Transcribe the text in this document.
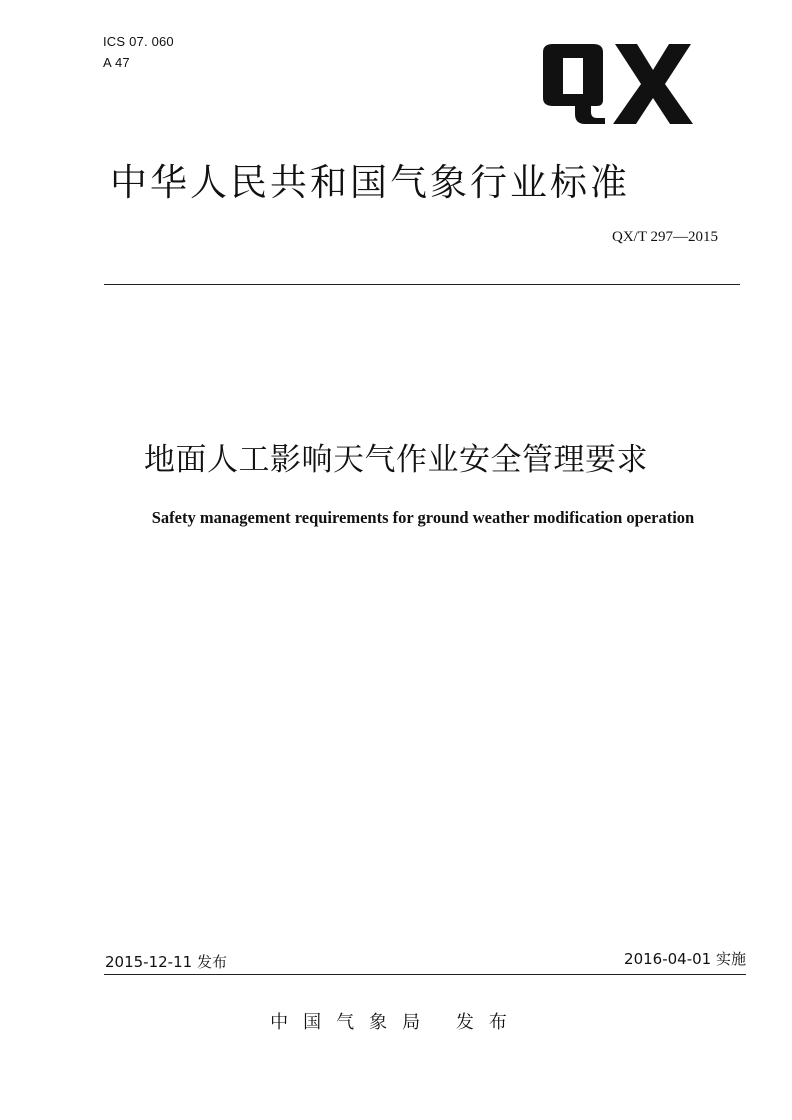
ICS 07. 060
A 47
中华人民共和国气象行业标准
QX/T 297—2015
地面人工影响天气作业安全管理要求
Safety management requirements for ground weather modification operation
2015-12-11 发布	2016-04-01 实施
中国气象局 发布
